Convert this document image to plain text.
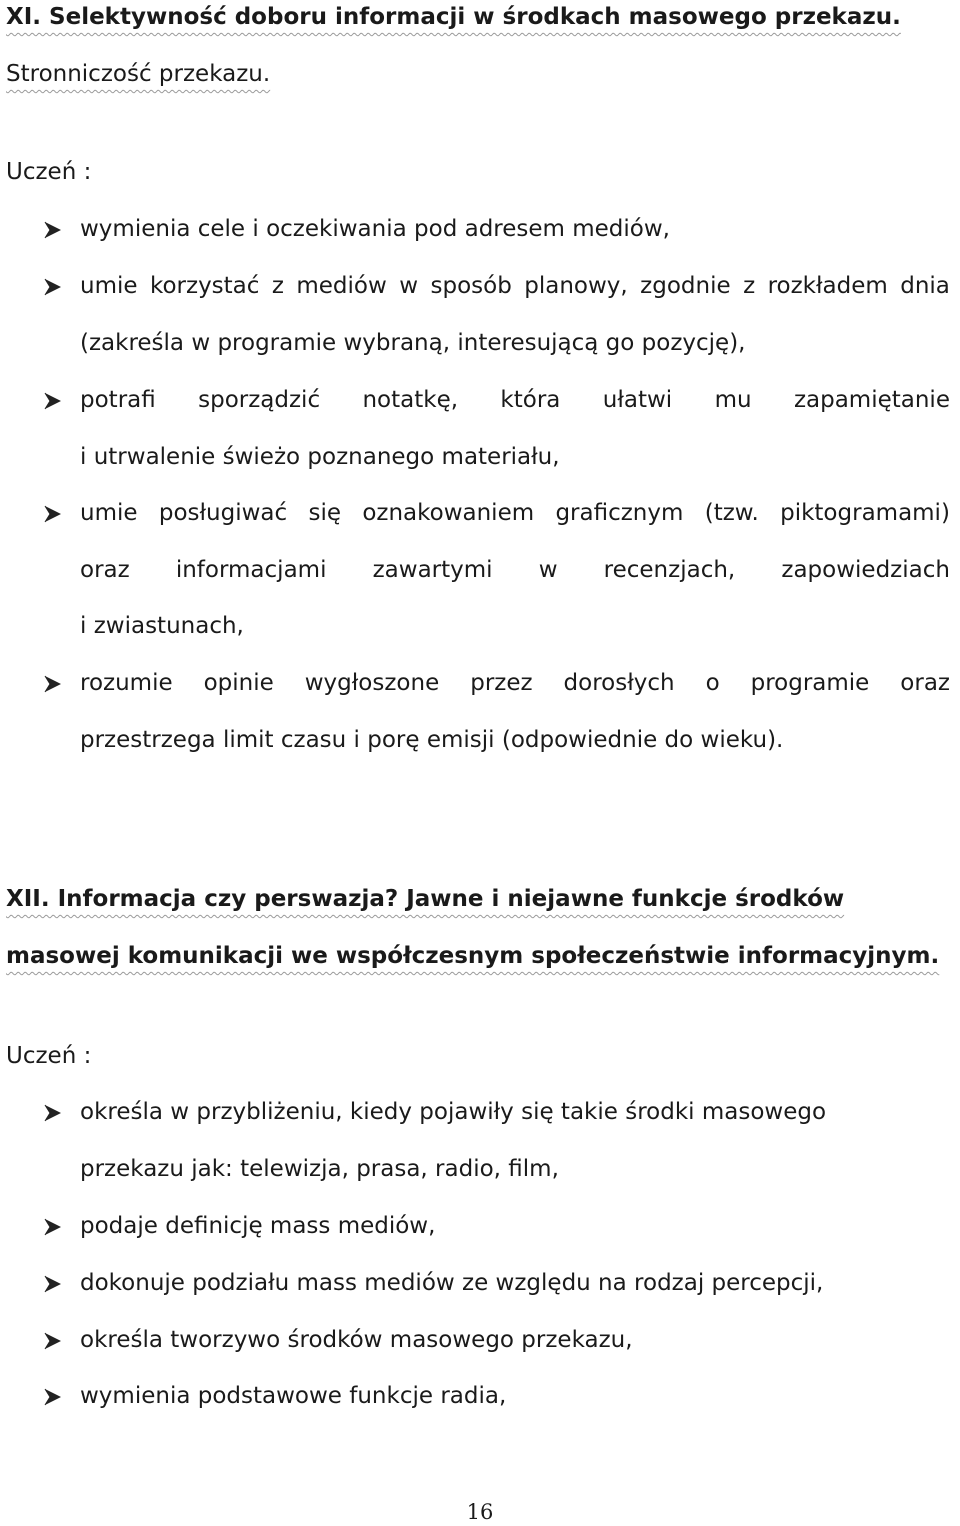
XI. Selektywność doboru informacji w środkach masowego przekazu.
Stronniczość przekazu.

Uczeń :

wymienia cele i oczekiwania pod adresem mediów,
umie korzystać z mediów w sposób planowy, zgodnie z rozkładem dnia
(zakreśla w programie wybraną, interesującą go pozycję),
potrafi sporządzić notatkę, która ułatwi mu zapamiętanie
i utrwalenie świeżo poznanego materiału,
umie posługiwać się oznakowaniem graficznym (tzw. piktogramami)
oraz informacjami zawartymi w recenzjach, zapowiedziach
i zwiastunach,
rozumie opinie wygłoszone przez dorosłych o programie oraz
przestrzega limit czasu i porę emisji (odpowiednie do wieku).
XII. Informacja czy perswazja? Jawne i niejawne funkcje środków
masowej komunikacji we współczesnym społeczeństwie informacyjnym.

Uczeń :

określa w przybliżeniu, kiedy pojawiły się takie środki masowego
przekazu jak: telewizja, prasa, radio, film,
podaje definicję mass mediów,
dokonuje podziału mass mediów ze względu na rodzaj percepcji,
określa tworzywo środków masowego przekazu,
wymienia podstawowe funkcje radia,
16
